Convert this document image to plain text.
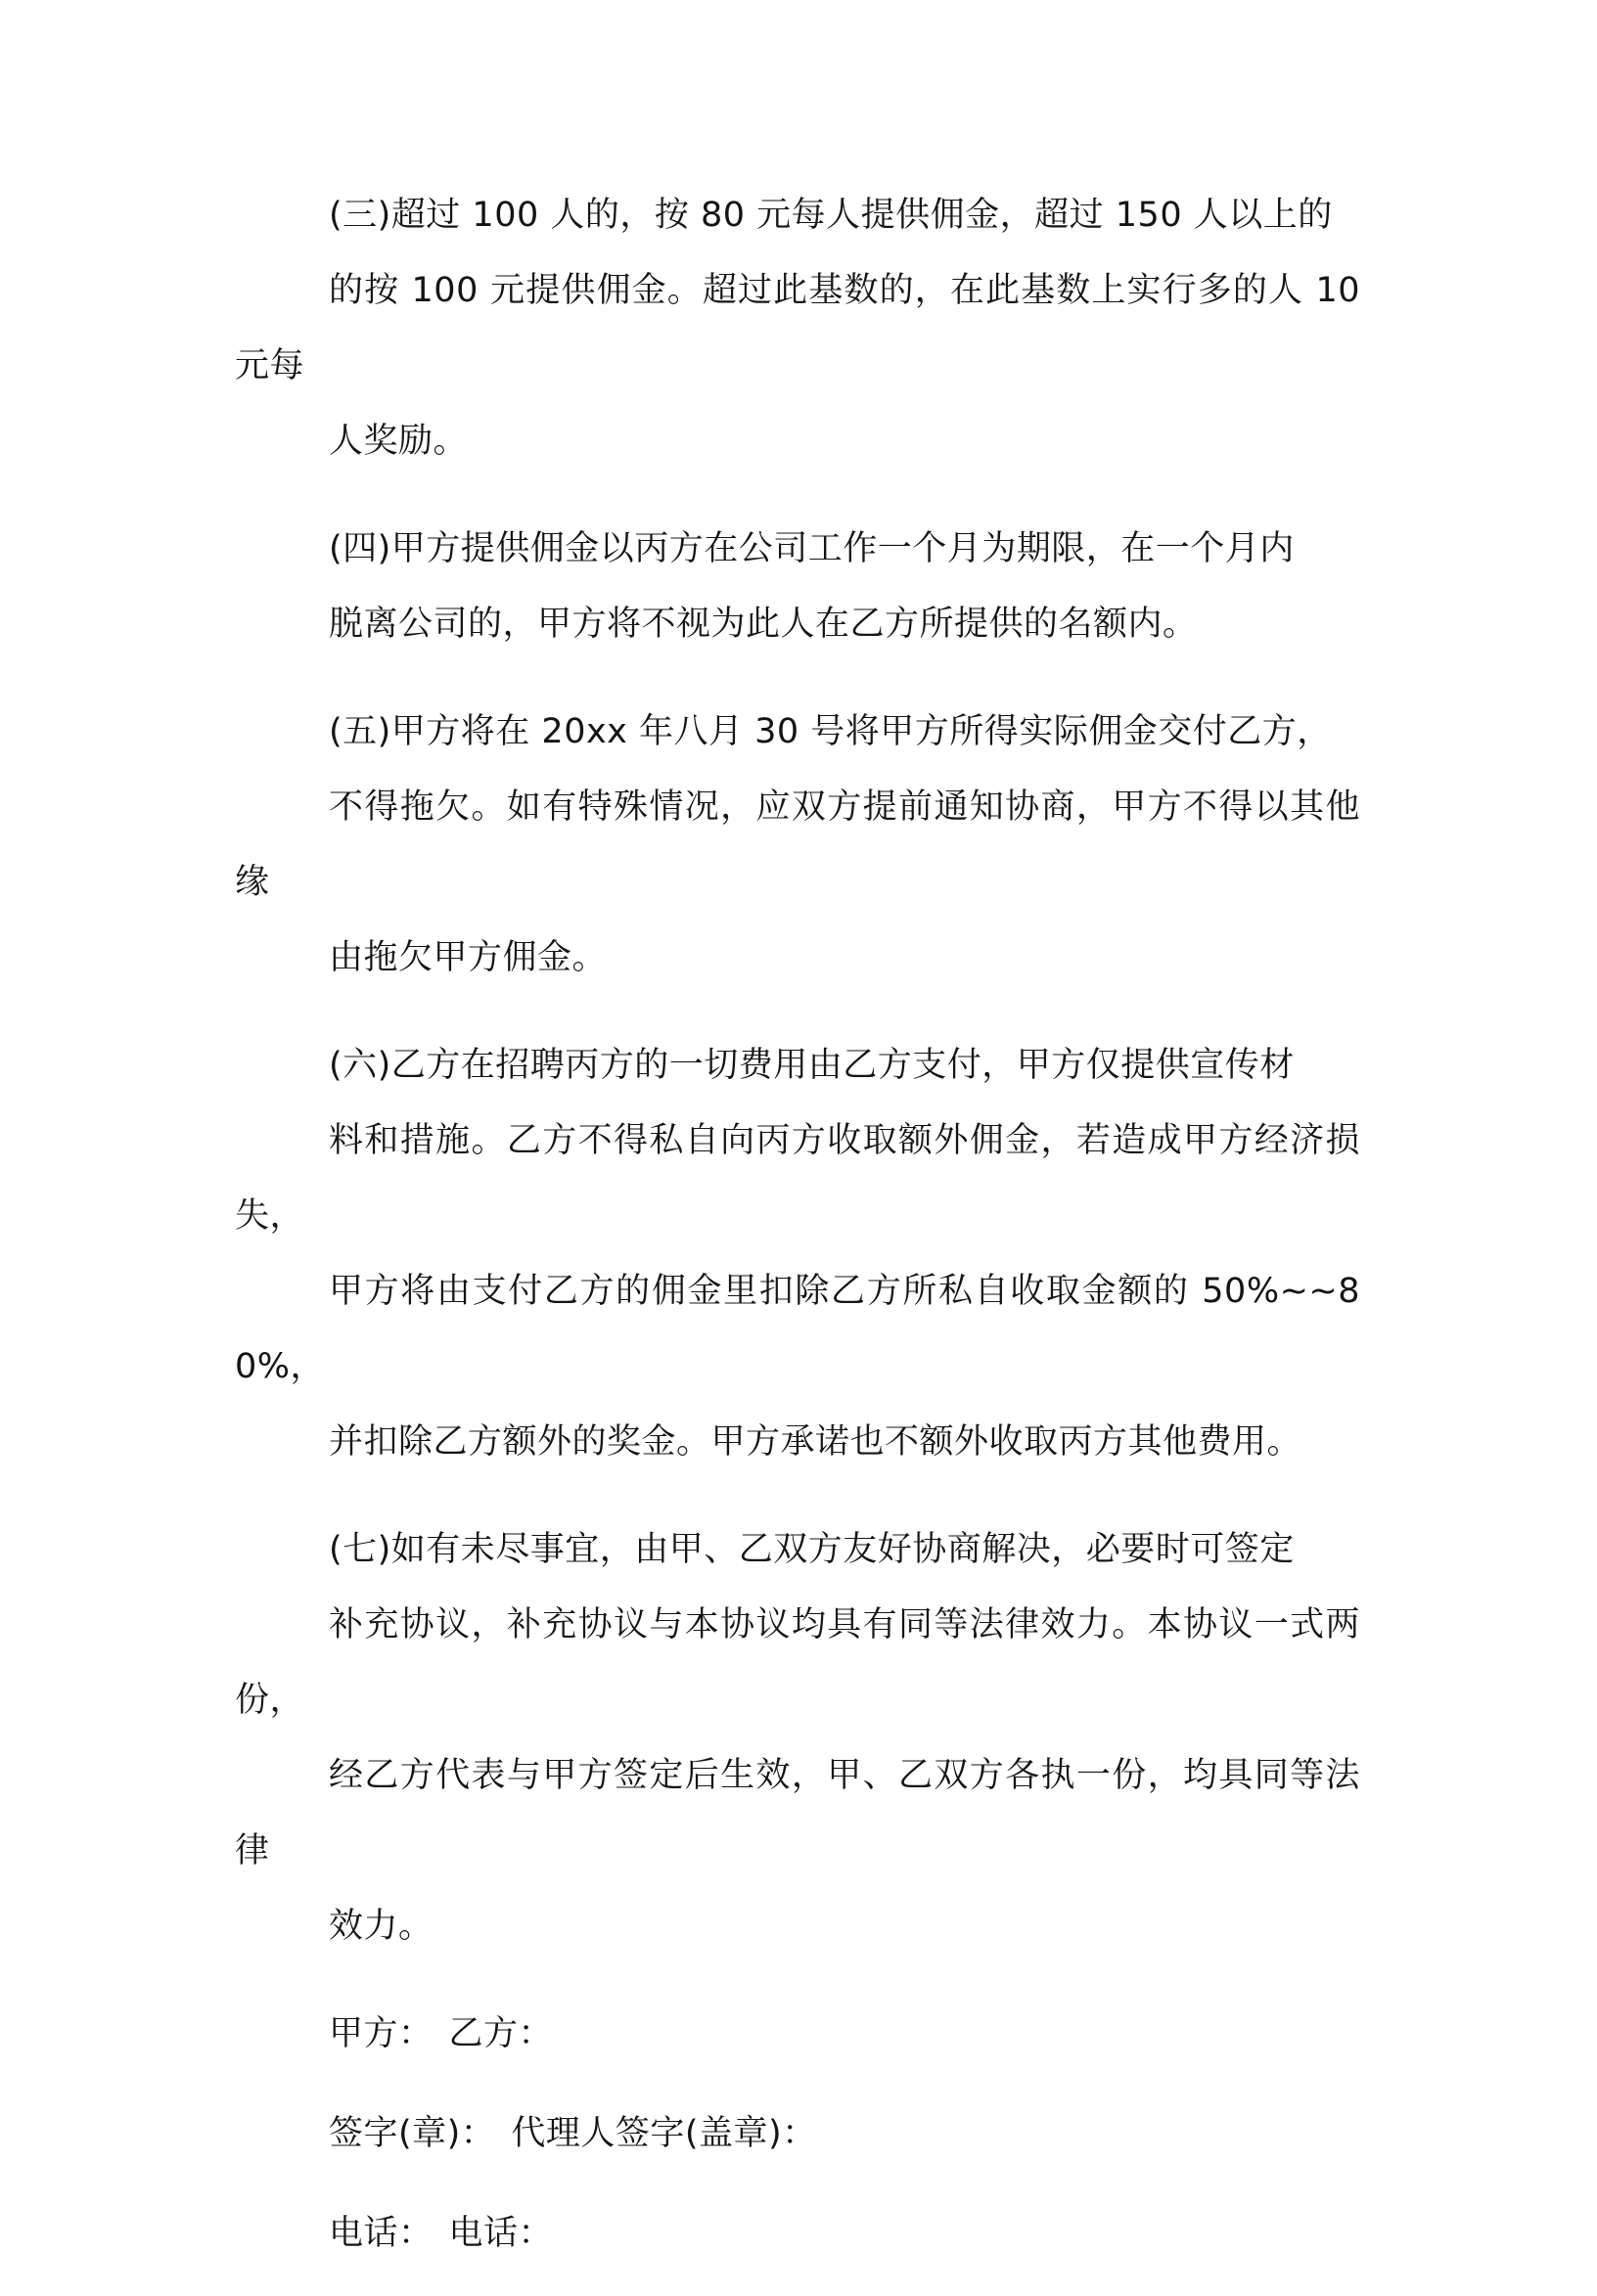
(三)超过 100 人的，按 80 元每人提供佣金，超过 150 人以上的
的按 100 元提供佣金。超过此基数的，在此基数上实行多的人 10 元每
人奖励。

(四)甲方提供佣金以丙方在公司工作一个月为期限，在一个月内
脱离公司的，甲方将不视为此人在乙方所提供的名额内。

(五)甲方将在 20xx 年八月 30 号将甲方所得实际佣金交付乙方，
不得拖欠。如有特殊情况，应双方提前通知协商，甲方不得以其他缘
由拖欠甲方佣金。

(六)乙方在招聘丙方的一切费用由乙方支付，甲方仅提供宣传材
料和措施。乙方不得私自向丙方收取额外佣金，若造成甲方经济损失，
甲方将由支付乙方的佣金里扣除乙方所私自收取金额的 50%~~80%，
并扣除乙方额外的奖金。甲方承诺也不额外收取丙方其他费用。

(七)如有未尽事宜，由甲、乙双方友好协商解决，必要时可签定
补充协议，补充协议与本协议均具有同等法律效力。本协议一式两份，
经乙方代表与甲方签定后生效，甲、乙双方各执一份，均具同等法律
效力。

甲方： 乙方：
签字(章)： 代理人签字(盖章)：
电话： 电话：
